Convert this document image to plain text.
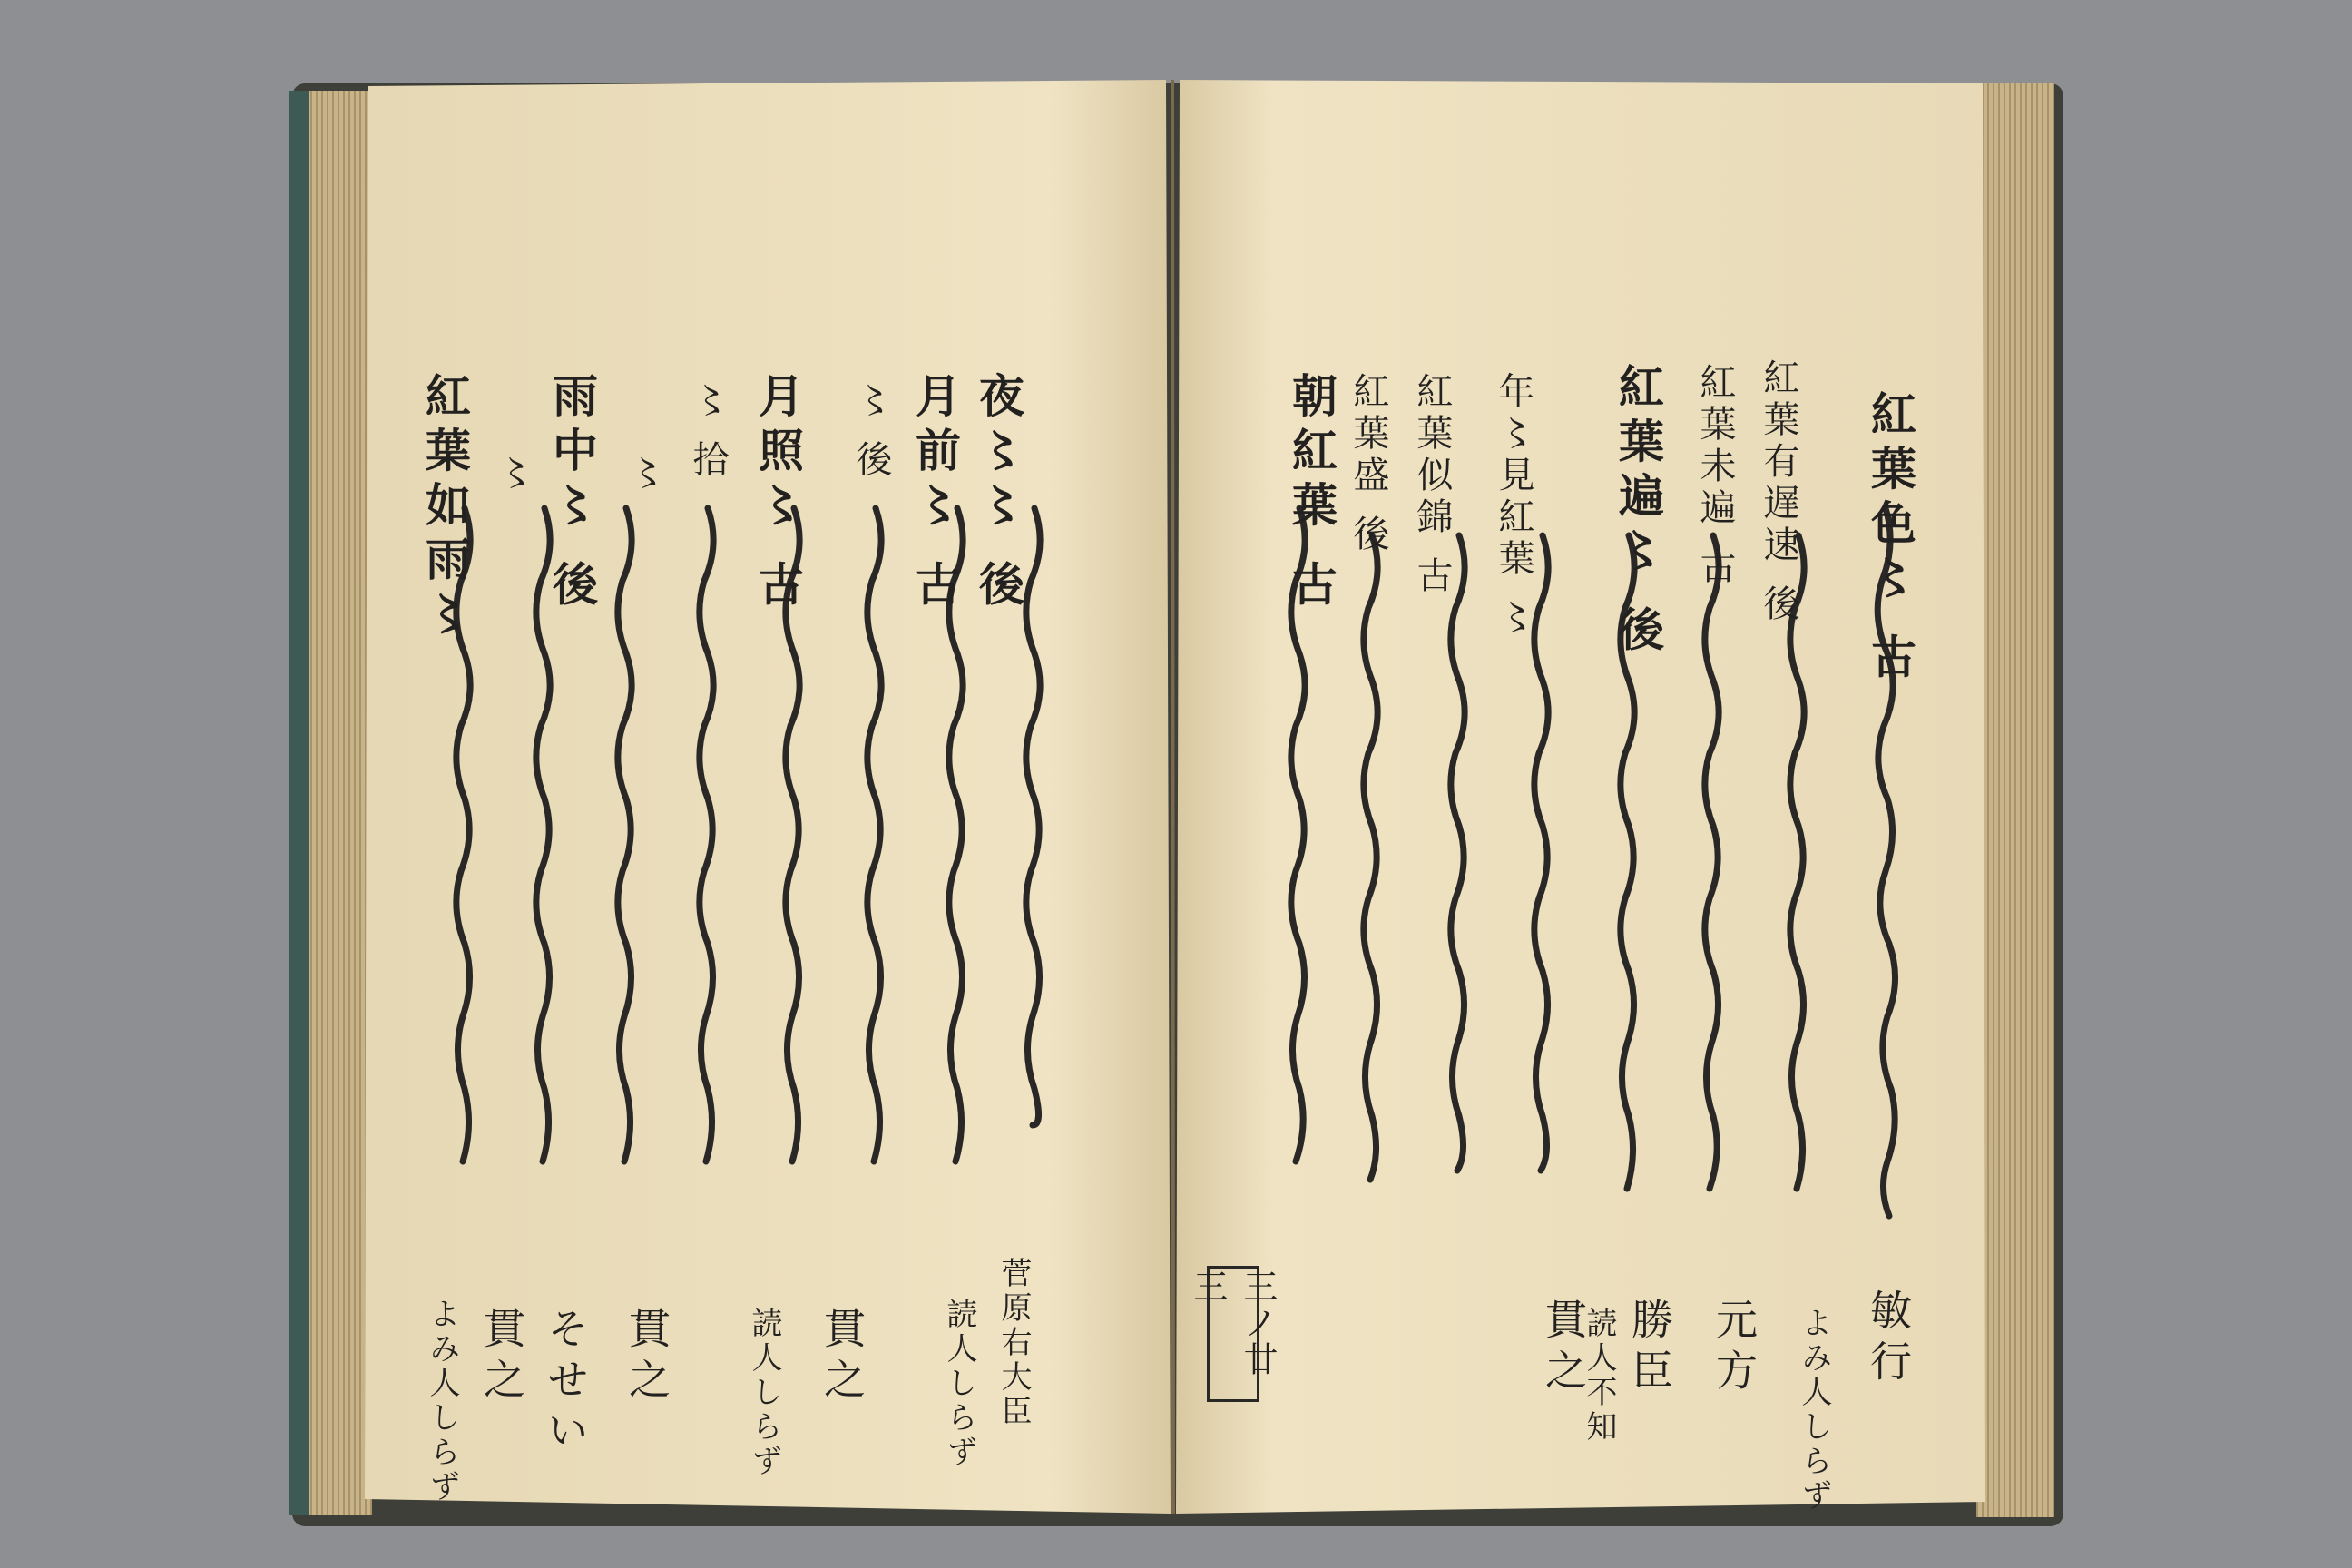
紅葉色〻 古
敏行
よみ人しらず
紅葉有遅速 後
元方
紅葉未遍 古
勝臣
紅葉遍〻 後
貫之
読人不知
年〻見紅葉 〻
紅葉似錦 古
紅葉盛 後
朝紅葉 古
三ノ廿三
夜〻〻 後
月前〻 古
菅原右大臣
読人しらず
〻 後
貫之
月照〻 古
読人しらず
〻 拾
〻
貫之
雨中〻 後
そせい
〻
紅葉如雨〻
貫之
よみ人しらず
